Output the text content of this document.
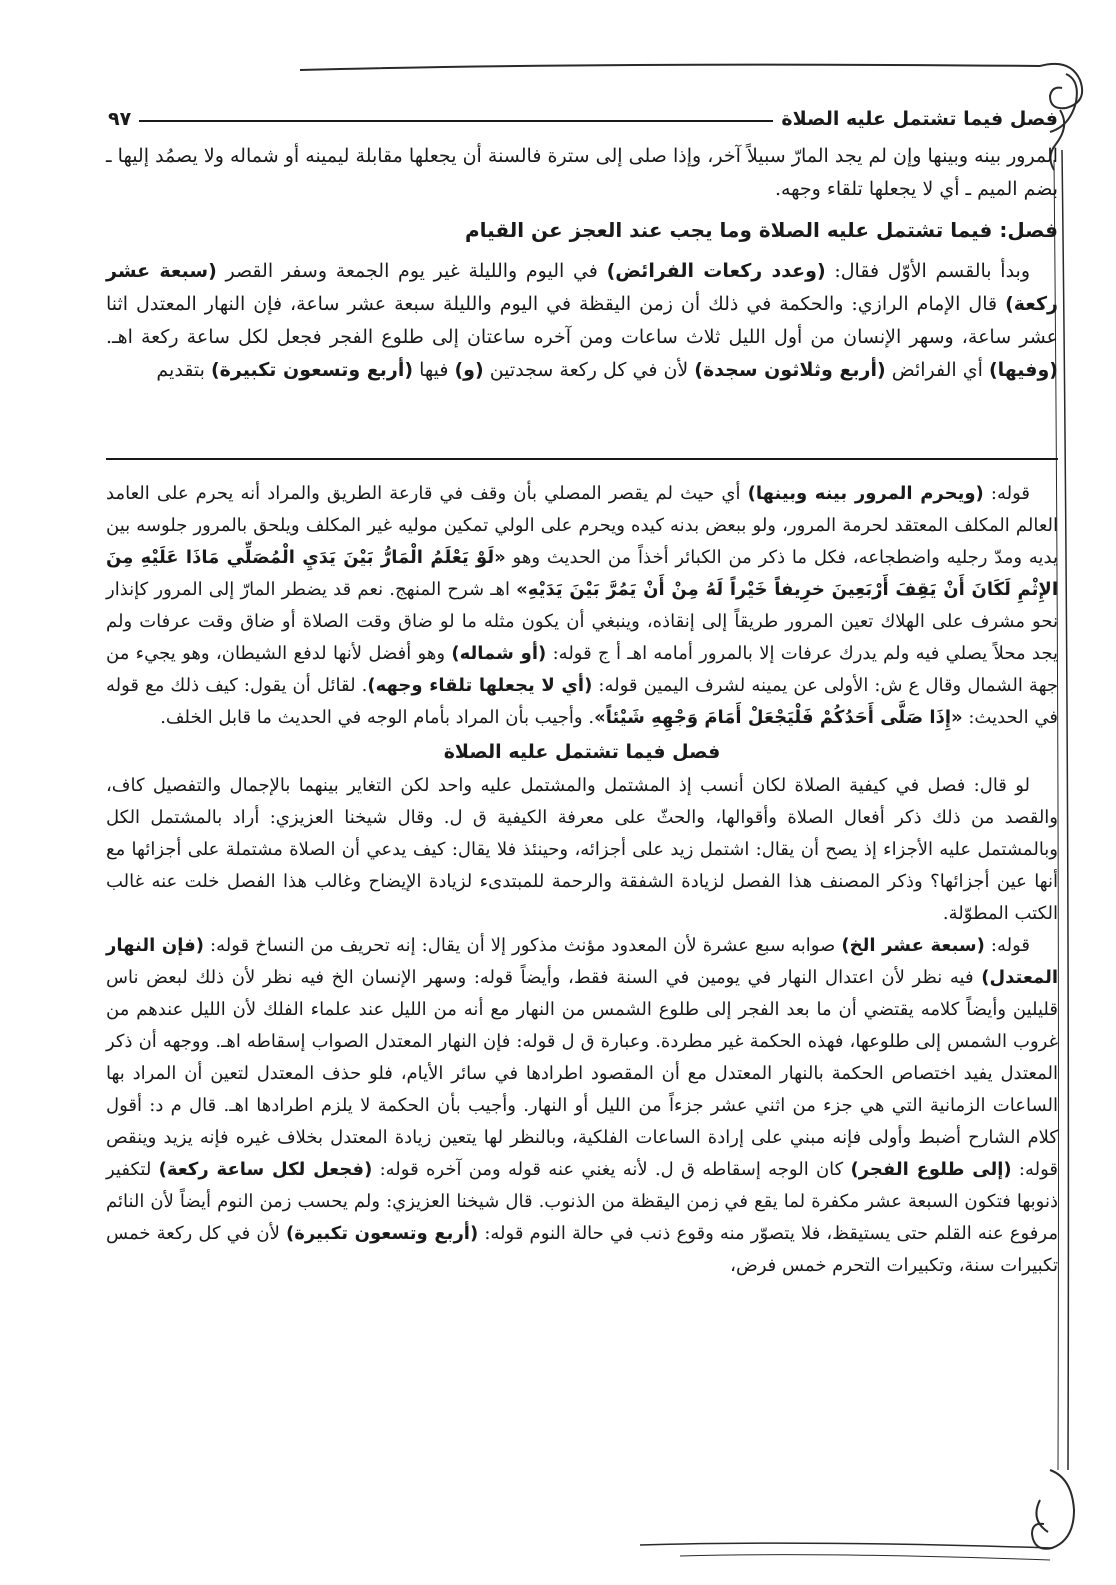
فصل فيما تشتمل عليه الصلاة
٩٧

المرور بينه وبينها وإن لم يجد المارّ سبيلاً آخر، وإذا صلى إلى سترة فالسنة أن يجعلها مقابلة ليمينه أو شماله ولا يصمُد إليها ـ بضم الميم ـ أي لا يجعلها تلقاء وجهه.

فصل: فيما تشتمل عليه الصلاة وما يجب عند العجز عن القيام

وبدأ بالقسم الأوّل فقال: (وعدد ركعات الفرائض) في اليوم والليلة غير يوم الجمعة وسفر القصر (سبعة عشر ركعة) قال الإمام الرازي: والحكمة في ذلك أن زمن اليقظة في اليوم والليلة سبعة عشر ساعة، فإن النهار المعتدل اثنا عشر ساعة، وسهر الإنسان من أول الليل ثلاث ساعات ومن آخره ساعتان إلى طلوع الفجر فجعل لكل ساعة ركعة اهـ. (وفيها) أي الفرائض (أربع وثلاثون سجدة) لأن في كل ركعة سجدتين (و) فيها (أربع وتسعون تكبيرة) بتقديم

قوله: (ويحرم المرور بينه وبينها) أي حيث لم يقصر المصلي بأن وقف في قارعة الطريق والمراد أنه يحرم على العامد العالم المكلف المعتقد لحرمة المرور، ولو ببعض بدنه كيده ويحرم على الولي تمكين موليه غير المكلف ويلحق بالمرور جلوسه بين يديه ومدّ رجليه واضطجاعه، فكل ما ذكر من الكبائر أخذاً من الحديث وهو «لَوْ يَعْلَمُ الْمَارُّ بَيْنَ يَدَيِ الْمُصَلِّي مَاذَا عَلَيْهِ مِنَ الإِثْمِ لَكَانَ أَنْ يَقِفَ أَرْبَعِينَ خرِيفاً خَيْراً لَهُ مِنْ أَنْ يَمُرَّ بَيْنَ يَدَيْهِ» اهـ شرح المنهج. نعم قد يضطر المارّ إلى المرور كإنذار نحو مشرف على الهلاك تعين المرور طريقاً إلى إنقاذه، وينبغي أن يكون مثله ما لو ضاق وقت الصلاة أو ضاق وقت عرفات ولم يجد محلاً يصلي فيه ولم يدرك عرفات إلا بالمرور أمامه اهـ أ ج قوله: (أو شماله) وهو أفضل لأنها لدفع الشيطان، وهو يجيء من جهة الشمال وقال ع ش: الأولى عن يمينه لشرف اليمين قوله: (أي لا يجعلها تلقاء وجهه). لقائل أن يقول: كيف ذلك مع قوله في الحديث: «إِذَا صَلَّى أَحَدُكُمْ فَلْيَجْعَلْ أَمَامَ وَجْهِهِ شَيْئاً». وأجيب بأن المراد بأمام الوجه في الحديث ما قابل الخلف.

فصل فيما تشتمل عليه الصلاة

لو قال: فصل في كيفية الصلاة لكان أنسب إذ المشتمل والمشتمل عليه واحد لكن التغاير بينهما بالإجمال والتفصيل كاف، والقصد من ذلك ذكر أفعال الصلاة وأقوالها، والحثّ على معرفة الكيفية ق ل. وقال شيخنا العزيزي: أراد بالمشتمل الكل وبالمشتمل عليه الأجزاء إذ يصح أن يقال: اشتمل زيد على أجزائه، وحينئذ فلا يقال: كيف يدعي أن الصلاة مشتملة على أجزائها مع أنها عين أجزائها؟ وذكر المصنف هذا الفصل لزيادة الشفقة والرحمة للمبتدىء لزيادة الإيضاح وغالب هذا الفصل خلت عنه غالب الكتب المطوّلة.

قوله: (سبعة عشر الخ) صوابه سبع عشرة لأن المعدود مؤنث مذكور إلا أن يقال: إنه تحريف من النساخ قوله: (فإن النهار المعتدل) فيه نظر لأن اعتدال النهار في يومين في السنة فقط، وأيضاً قوله: وسهر الإنسان الخ فيه نظر لأن ذلك لبعض ناس قليلين وأيضاً كلامه يقتضي أن ما بعد الفجر إلى طلوع الشمس من النهار مع أنه من الليل عند علماء الفلك لأن الليل عندهم من غروب الشمس إلى طلوعها، فهذه الحكمة غير مطردة. وعبارة ق ل قوله: فإن النهار المعتدل الصواب إسقاطه اهـ. ووجهه أن ذكر المعتدل يفيد اختصاص الحكمة بالنهار المعتدل مع أن المقصود اطرادها في سائر الأيام، فلو حذف المعتدل لتعين أن المراد بها الساعات الزمانية التي هي جزء من اثني عشر جزءاً من الليل أو النهار. وأجيب بأن الحكمة لا يلزم اطرادها اهـ. قال م د: أقول كلام الشارح أضبط وأولى فإنه مبني على إرادة الساعات الفلكية، وبالنظر لها يتعين زيادة المعتدل بخلاف غيره فإنه يزيد وينقص قوله: (إلى طلوع الفجر) كان الوجه إسقاطه ق ل. لأنه يغني عنه قوله ومن آخره قوله: (فجعل لكل ساعة ركعة) لتكفير ذنوبها فتكون السبعة عشر مكفرة لما يقع في زمن اليقظة من الذنوب. قال شيخنا العزيزي: ولم يحسب زمن النوم أيضاً لأن النائم مرفوع عنه القلم حتى يستيقظ، فلا يتصوّر منه وقوع ذنب في حالة النوم قوله: (أربع وتسعون تكبيرة) لأن في كل ركعة خمس تكبيرات سنة، وتكبيرات التحرم خمس فرض،
